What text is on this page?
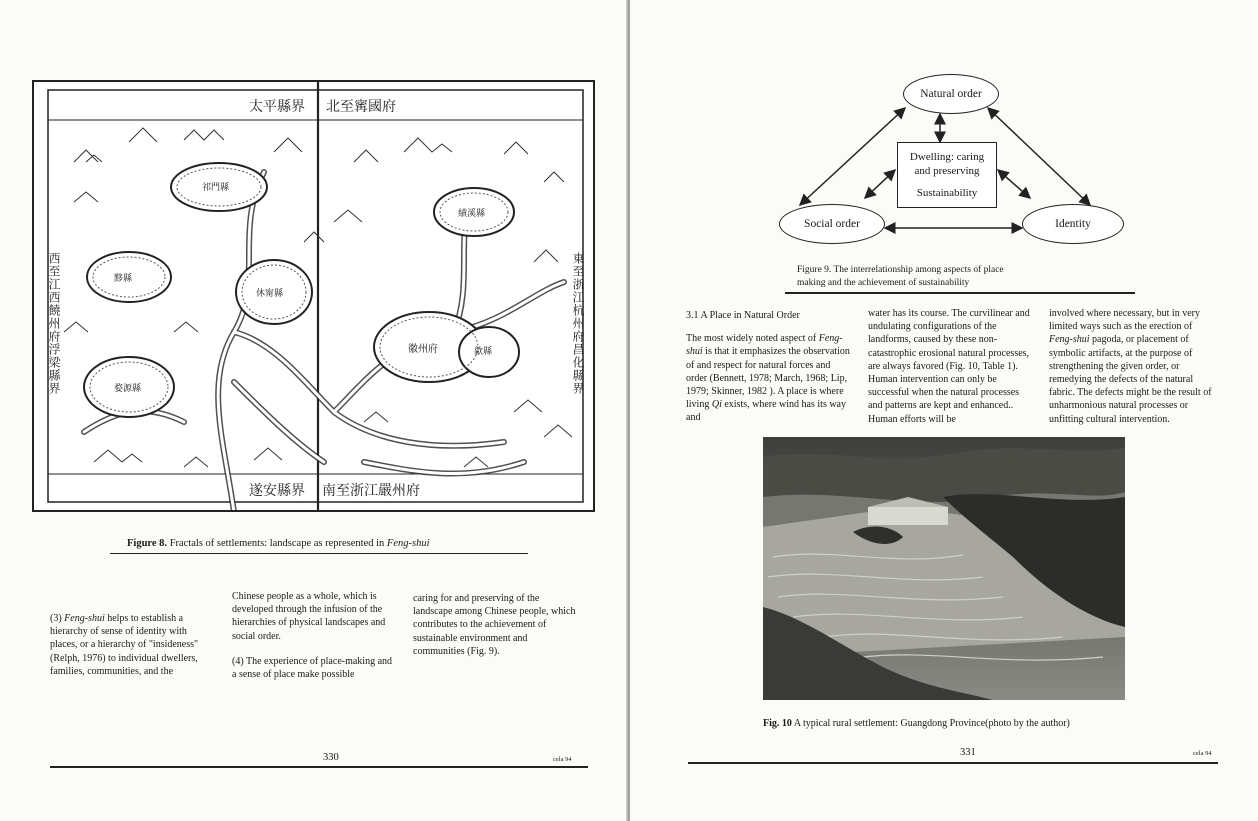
太平縣界 北至寗國府
遂安縣界 南至浙江嚴州府
西至江西饒州府浮梁縣界	東至浙江杭州府昌化縣界
休甯縣
歙縣
徽州府
祁門縣
黟縣
婺源縣
績溪縣
Figure 8. Fractals of settlements: landscape as represented in Feng-shui

(3) Feng-shui helps to establish a hierarchy of sense of identity with places, or a hierarchy of "insideness" (Relph, 1976) to individual dwellers, families, communities, and the

Chinese people as a whole, which is developed through the infusion of the hierarchies of physical landscapes and social order.

(4) The experience of place-making and a sense of place make possible

caring for and preserving of the landscape among Chinese people, which contributes to the achievement of sustainable environment and communities (Fig. 9).

330	cela 94
Natural order
Social order	Identity
Dwelling: caring
and preserving
Sustainability
Figure 9. The interrelationship among aspects of place
making and the achievement of sustainability

3.1 A Place in Natural Order

The most widely noted aspect of Feng-shui is that it emphasizes the observation of and respect for natural forces and order (Bennett, 1978; March, 1968; Lip, 1979; Skinner, 1982 ). A place is where living Qi exists, where wind has its way and

water has its course. The curvilinear and undulating configurations of the landforms, caused by these non-catastrophic erosional natural processes, are always favored (Fig. 10, Table 1). Human intervention can only be successful when the natural processes and patterns are kept and enhanced.. Human efforts will be

involved where necessary, but in very limited ways such as the erection of Feng-shui pagoda, or placement of symbolic artifacts, at the purpose of strengthening the given order, or remedying the defects of the natural fabric. The defects might be the result of unharmonious natural processes or unfitting cultural intervention.

Fig. 10 A typical rural settlement: Guangdong Province(photo by the author)
331	cela 94
